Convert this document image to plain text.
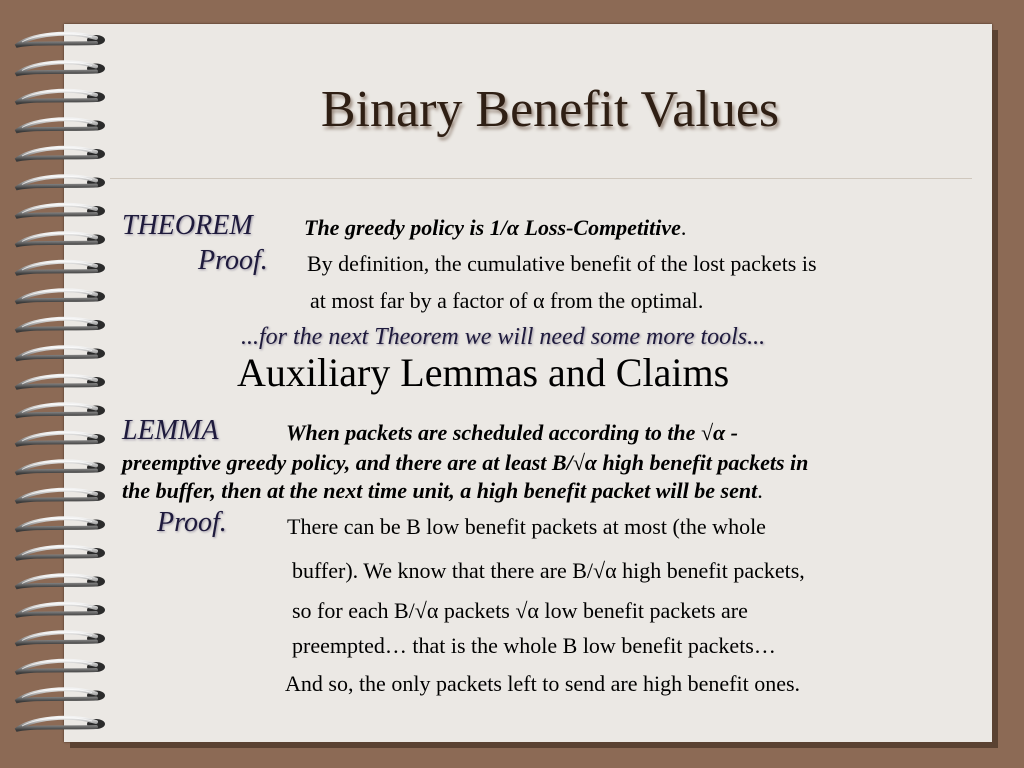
Binary Benefit Values
THEOREM The greedy policy is 1/α Loss-Competitive.
Proof. By definition, the cumulative benefit of the lost packets is
at most far by a factor of α from the optimal.
...for the next Theorem we will need some more tools...
Auxiliary Lemmas and Claims
LEMMA	When packets are scheduled according to the √α -
preemptive greedy policy, and there are at least B/√α high benefit packets in
the buffer, then at the next time unit, a high benefit packet will be sent.
Proof.	There can be B low benefit packets at most (the whole
buffer). We know that there are B/√α high benefit packets,
so for each B/√α packets √α low benefit packets are
preempted… that is the whole B low benefit packets…
And so, the only packets left to send are high benefit ones.
